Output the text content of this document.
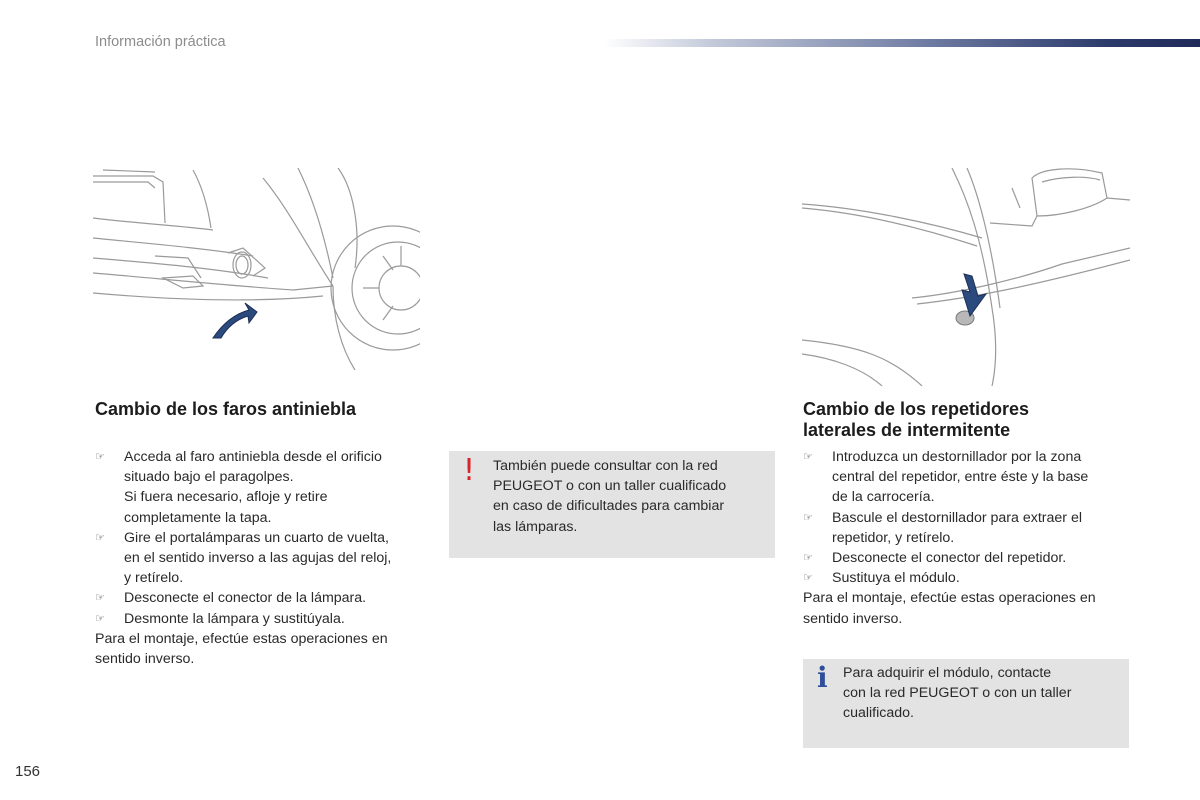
Información práctica
Cambio de los faros antiniebla
☞ Acceda al faro antiniebla desde el orificio
situado bajo el paragolpes.
Si fuera necesario, afloje y retire
completamente la tapa.
☞ Gire el portalámparas un cuarto de vuelta,
en el sentido inverso a las agujas del reloj,
y retírelo.
☞ Desconecte el conector de la lámpara.
☞ Desmonte la lámpara y sustitúyala.
Para el montaje, efectúe estas operaciones en
sentido inverso.
! También puede consultar con la red
PEUGEOT o con un taller cualificado
en caso de dificultades para cambiar
las lámparas.
Cambio de los repetidores
laterales de intermitente
☞ Introduzca un destornillador por la zona
central del repetidor, entre éste y la base
de la carrocería.
☞ Bascule el destornillador para extraer el
repetidor, y retírelo.
☞ Desconecte el conector del repetidor.
☞ Sustituya el módulo.
Para el montaje, efectúe estas operaciones en
sentido inverso.
i Para adquirir el módulo, contacte
con la red PEUGEOT o con un taller
cualificado.
156
